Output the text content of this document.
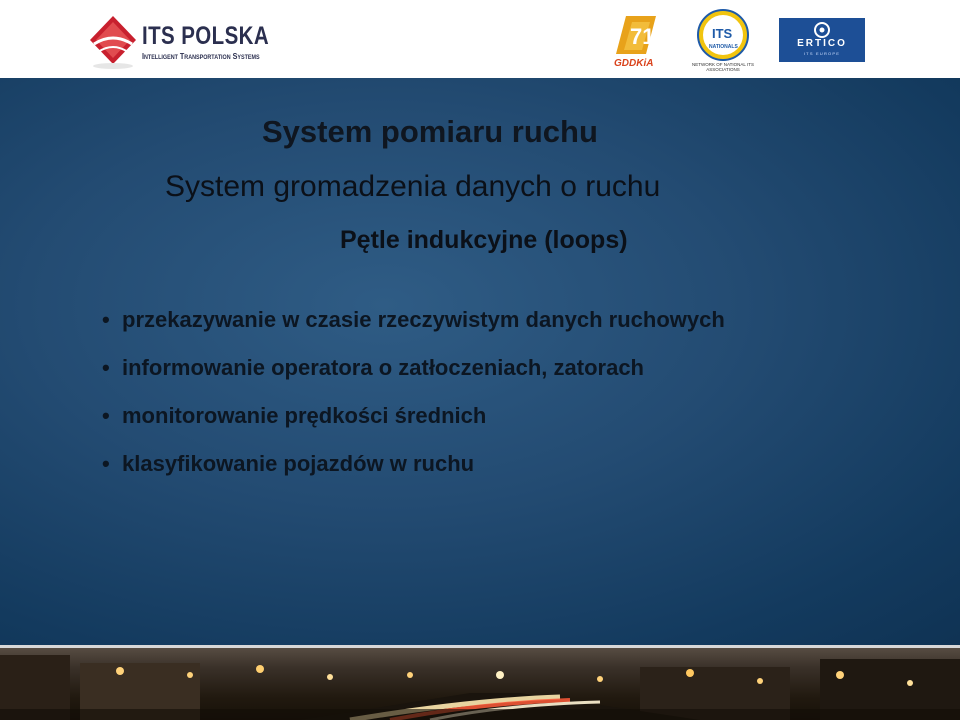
ITS POLSKA
Intelligent Transportation Systems
71
GDDKiA
ITS
NATIONALS
NETWORK OF NATIONAL ITS ASSOCIATIONS
ERTICO
ITS EUROPE
System pomiaru ruchu
System gromadzenia danych o ruchu
Pętle indukcyjne (loops)
• przekazywanie w czasie rzeczywistym danych ruchowych
• informowanie operatora o zatłoczeniach, zatorach
• monitorowanie prędkości średnich
• klasyfikowanie pojazdów w ruchu
